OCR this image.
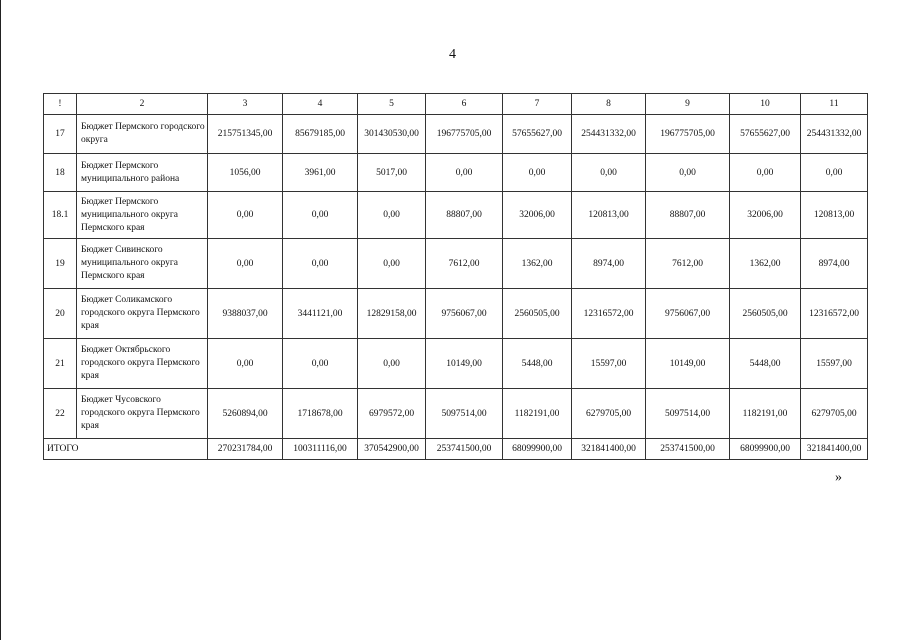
4
!	2	3	4	5	6	7	8	9	10	11
17	Бюджет Пермского городского округа	215751345,00	85679185,00	301430530,00	196775705,00	57655627,00	254431332,00	196775705,00	57655627,00	254431332,00
18	Бюджет Пермского муниципального района	1056,00	3961,00	5017,00	0,00	0,00	0,00	0,00	0,00	0,00
18.1	Бюджет Пермского муниципального округа Пермского края	0,00	0,00	0,00	88807,00	32006,00	120813,00	88807,00	32006,00	120813,00
19	Бюджет Сивинского муниципального округа Пермского края	0,00	0,00	0,00	7612,00	1362,00	8974,00	7612,00	1362,00	8974,00
20	Бюджет Соликамского городского округа Пермского края	9388037,00	3441121,00	12829158,00	9756067,00	2560505,00	12316572,00	9756067,00	2560505,00	12316572,00
21	Бюджет Октябрьского городского округа Пермского края	0,00	0,00	0,00	10149,00	5448,00	15597,00	10149,00	5448,00	15597,00
22	Бюджет Чусовского городского округа Пермского края	5260894,00	1718678,00	6979572,00	5097514,00	1182191,00	6279705,00	5097514,00	1182191,00	6279705,00
ИТОГО		270231784,00	100311116,00	370542900,00	253741500,00	68099900,00	321841400,00	253741500,00	68099900,00	321841400,00
»
